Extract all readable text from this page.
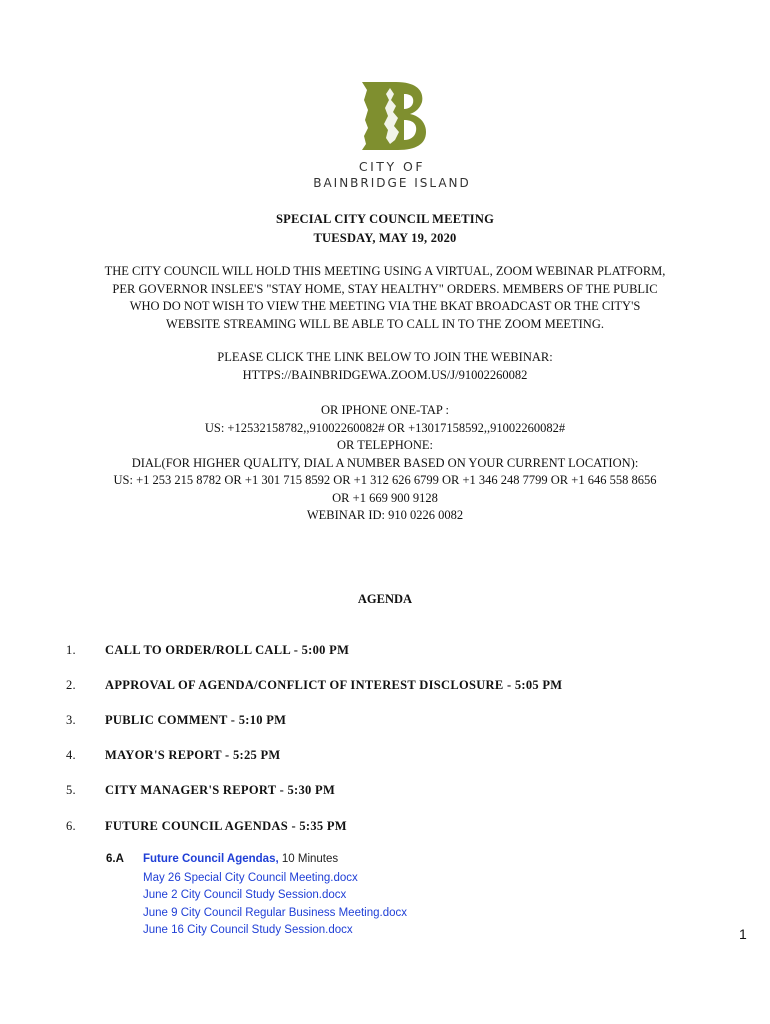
CITY OF
BAINBRIDGE ISLAND
SPECIAL CITY COUNCIL MEETING
TUESDAY, MAY 19, 2020
THE CITY COUNCIL WILL HOLD THIS MEETING USING A VIRTUAL, ZOOM WEBINAR PLATFORM,
PER GOVERNOR INSLEE'S "STAY HOME, STAY HEALTHY" ORDERS. MEMBERS OF THE PUBLIC
WHO DO NOT WISH TO VIEW THE MEETING VIA THE BKAT BROADCAST OR THE CITY'S
WEBSITE STREAMING WILL BE ABLE TO CALL IN TO THE ZOOM MEETING.
PLEASE CLICK THE LINK BELOW TO JOIN THE WEBINAR:
HTTPS://BAINBRIDGEWA.ZOOM.US/J/91002260082
OR IPHONE ONE-TAP :
US: +12532158782,,91002260082# OR +13017158592,,91002260082#
OR TELEPHONE:
DIAL(FOR HIGHER QUALITY, DIAL A NUMBER BASED ON YOUR CURRENT LOCATION):
US: +1 253 215 8782 OR +1 301 715 8592 OR +1 312 626 6799 OR +1 346 248 7799 OR +1 646 558 8656
OR +1 669 900 9128
WEBINAR ID: 910 0226 0082
AGENDA
1. CALL TO ORDER/ROLL CALL - 5:00 PM
2. APPROVAL OF AGENDA/CONFLICT OF INTEREST DISCLOSURE - 5:05 PM
3. PUBLIC COMMENT - 5:10 PM
4. MAYOR'S REPORT - 5:25 PM
5. CITY MANAGER'S REPORT - 5:30 PM
6. FUTURE COUNCIL AGENDAS - 5:35 PM
6.A Future Council Agendas, 10 Minutes
May 26 Special City Council Meeting.docx
June 2 City Council Study Session.docx
June 9 City Council Regular Business Meeting.docx
June 16 City Council Study Session.docx	1
